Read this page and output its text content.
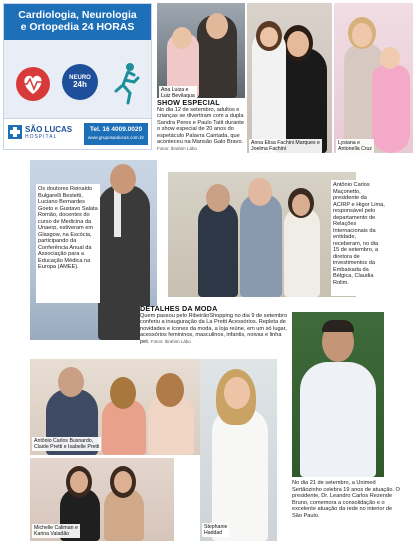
Cardiologia, Neurologia
e Ortopedia 24 HORAS
NEURO
24h
SÃO LUCAS
HOSPITAL
Tel. 16 4009.0020
www.gruposaolucas.com.br
Ana Luiza e
Luiz Bevilaqua
Anna Elisa Fachini Marques e
Joelma Fachini
Lysiana e
Antonella Cruz
SHOW ESPECIAL
No dia 12 de setembro, adultos e crianças se divertiram com a dupla Sandra Peres e Paulo Tatit durante o show especial de 20 anos do espetáculo Palavra Cantada, que aconteceu na Mansão Galo Bravo. Fotos: Ibrahim Lábo
Os doutores Reinaldo Bulgarelli Bestetti, Luciano Bernardes Goeto e Gustavo Salata Romão, docentes do curso de Medicina da Unaerp, estiveram em Glasgow, na Escócia, participando da Conferência Anual da Associação para a Educação Médica na Europa (AMEE).
Antônio Carlos Maçonetto, presidente da ACIRP e Higor Lima, responsável pelo departamento de Relações Internacionais da entidade, receberam, no dia 15 de setembro, a diretora de investimentos da Embaixada da Bélgica, Claudia Rolim.
DETALHES DA MODA
Quem passou pelo RibeirãoShopping no dia 9 de setembro conferiu a inauguração da La Pretti Acessórios. Repleta de novidades e ícones da moda, a loja reúne, em um só lugar, acessórios femininos, masculinos, infantis, noivas e linha pet. Fotos: Ibrahim Lábo
Antônio Carlos Busnardo,
Claide Pretti e Isabelle Pretti
Stephanie
Haddad
Michelle Caliman e
Karina Valadão
No dia 21 de setembro, a Unimed Sertãozinho celebra 19 anos de atuação. O presidente, Dr. Leandro Carlos Rezende Bruno, comemora a consolidação e o excelente atuação da rede no interior de São Paulo.
